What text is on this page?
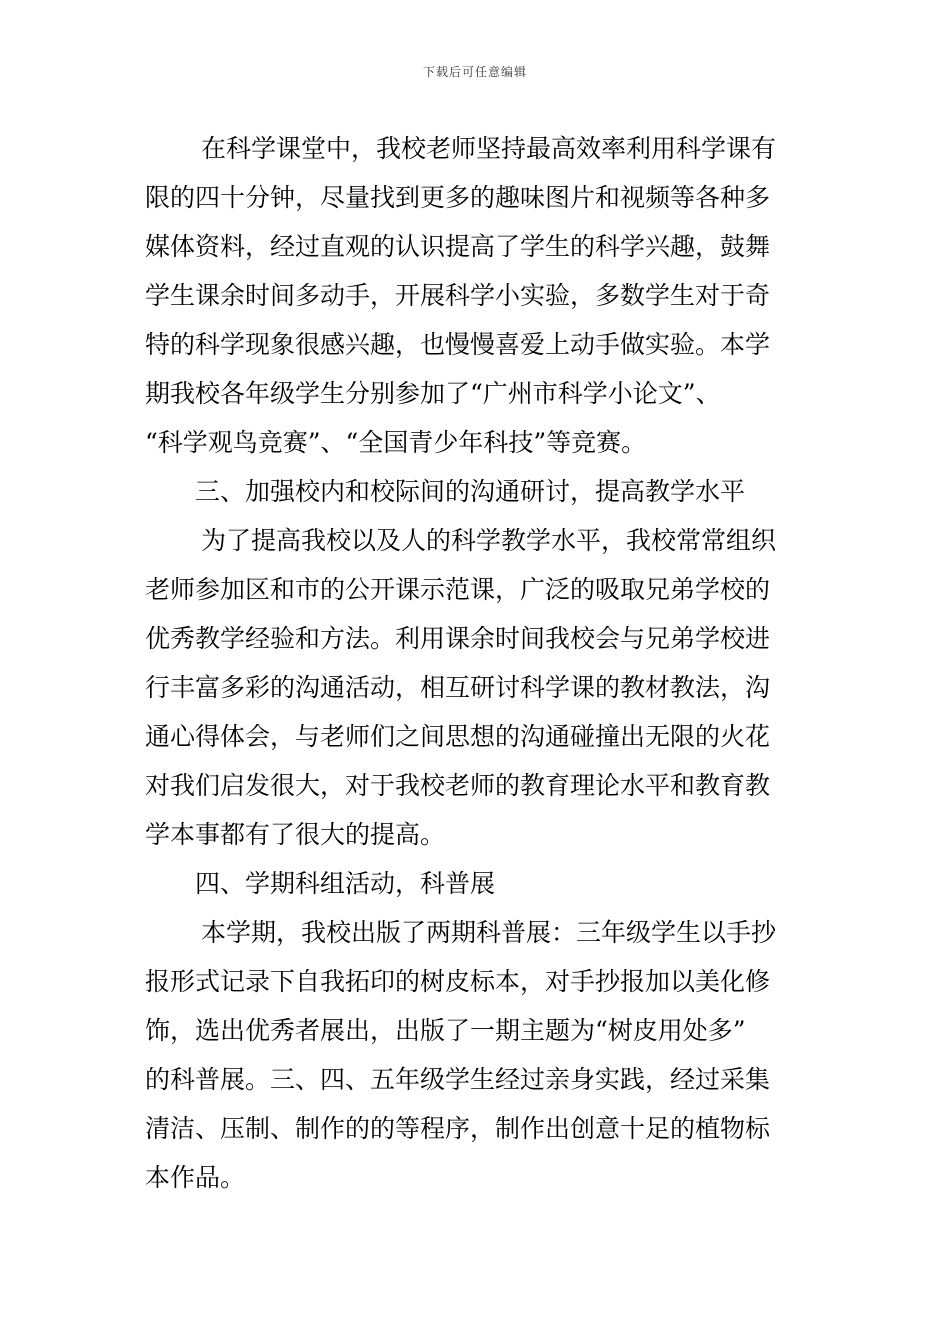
下载后可任意编辑
在科学课堂中，我校老师坚持最高效率利用科学课有
限的四十分钟，尽量找到更多的趣味图片和视频等各种多
媒体资料，经过直观的认识提高了学生的科学兴趣，鼓舞
学生课余时间多动手，开展科学小实验，多数学生对于奇
特的科学现象很感兴趣，也慢慢喜爱上动手做实验。本学
期我校各年级学生分别参加了“广州市科学小论文”、
“科学观鸟竞赛”、“全国青少年科技”等竞赛。
三、加强校内和校际间的沟通研讨，提高教学水平
为了提高我校以及人的科学教学水平，我校常常组织
老师参加区和市的公开课示范课，广泛的吸取兄弟学校的
优秀教学经验和方法。利用课余时间我校会与兄弟学校进
行丰富多彩的沟通活动，相互研讨科学课的教材教法，沟
通心得体会，与老师们之间思想的沟通碰撞出无限的火花
对我们启发很大，对于我校老师的教育理论水平和教育教
学本事都有了很大的提高。
四、学期科组活动，科普展
本学期，我校出版了两期科普展：三年级学生以手抄
报形式记录下自我拓印的树皮标本，对手抄报加以美化修
饰，选出优秀者展出，出版了一期主题为“树皮用处多”
的科普展。三、四、五年级学生经过亲身实践，经过采集
清洁、压制、制作的的等程序，制作出创意十足的植物标
本作品。
